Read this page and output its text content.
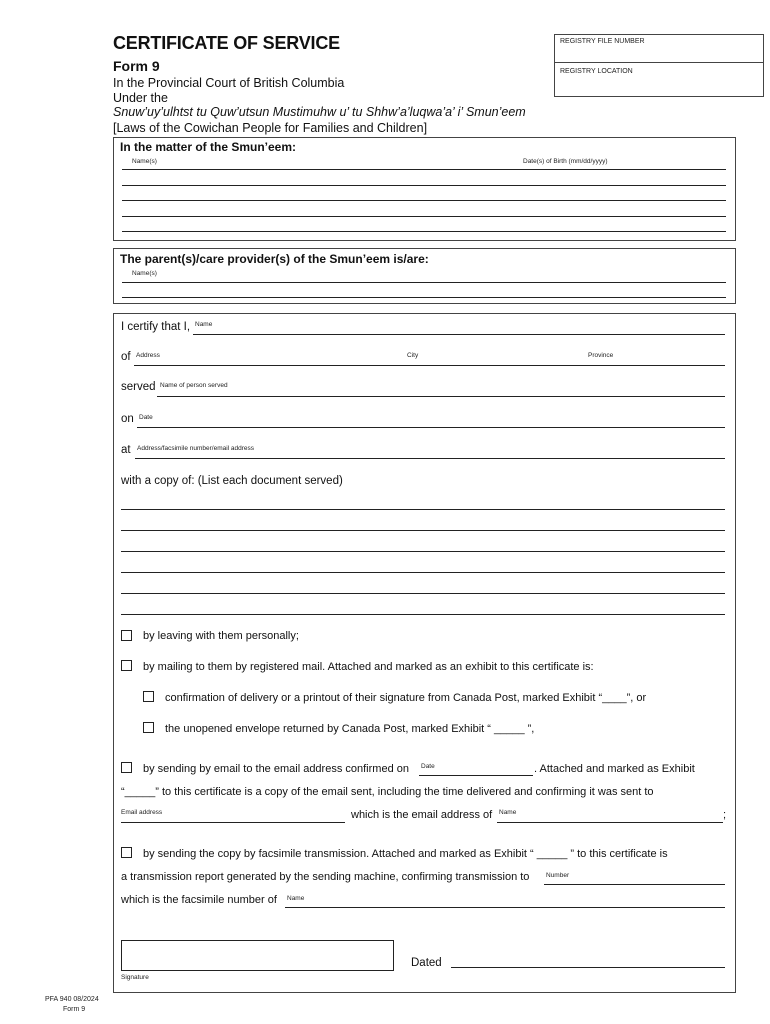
CERTIFICATE OF SERVICE
Form 9
In the Provincial Court of British Columbia
Under the
Snuw’uy’ulhtst tu Quw’utsun Mustimuhw u’ tu Shhw’a’luqwa’a’ i’ Smun’eem
[Laws of the Cowichan People for Families and Children]
REGISTRY FILE NUMBER
REGISTRY LOCATION
In the matter of the Smun’eem:
Name(s)	Date(s) of Birth (mm/dd/yyyy)
The parent(s)/care provider(s) of the Smun’eem is/are:
Name(s)
I certify that I, Name
of Address	City	Province
served Name of person served
on Date
at Address/facsimile number/email address
with a copy of: (List each document served)
by leaving with them personally;
by mailing to them by registered mail. Attached and marked as an exhibit to this certificate is:
confirmation of delivery or a printout of their signature from Canada Post, marked Exhibit “____”, or
the unopened envelope returned by Canada Post, marked Exhibit “ _____ ”,
by sending by email to the email address confirmed on Date	. Attached and marked as Exhibit
“_____” to this certificate is a copy of the email sent, including the time delivered and confirming it was sent to
Email address	which is the email address of Name	;
by sending the copy by facsimile transmission. Attached and marked as Exhibit “ _____ ” to this certificate is
a transmission report generated by the sending machine, confirming transmission to	Number
which is the facsimile number of Name
Signature
Dated
PFA 940 08/2024
Form 9
